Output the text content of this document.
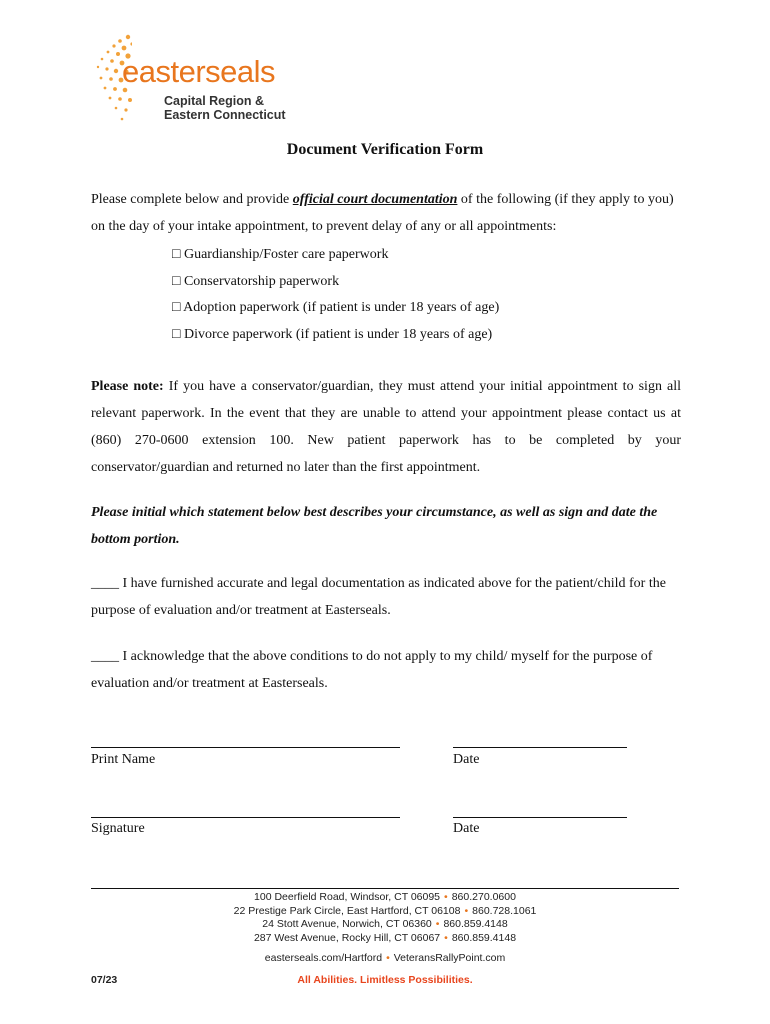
easterseals
Capital Region &
Eastern Connecticut
Document Verification Form
Please complete below and provide official court documentation of the following (if they apply to you) on the day of your intake appointment, to prevent delay of any or all appointments:
□ Guardianship/Foster care paperwork
□ Conservatorship paperwork
□ Adoption paperwork (if patient is under 18 years of age)
□ Divorce paperwork (if patient is under 18 years of age)
Please note: If you have a conservator/guardian, they must attend your initial appointment to sign all relevant paperwork. In the event that they are unable to attend your appointment please contact us at (860) 270-0600 extension 100. New patient paperwork has to be completed by your conservator/guardian and returned no later than the first appointment.
Please initial which statement below best describes your circumstance, as well as sign and date the bottom portion.
____ I have furnished accurate and legal documentation as indicated above for the patient/child for the purpose of evaluation and/or treatment at Easterseals.
____ I acknowledge that the above conditions to do not apply to my child/ myself for the purpose of evaluation and/or treatment at Easterseals.
Print Name	Date
Signature	Date
100 Deerfield Road, Windsor, CT 06095 • 860.270.0600
22 Prestige Park Circle, East Hartford, CT 06108 • 860.728.1061
24 Stott Avenue, Norwich, CT 06360 • 860.859.4148
287 West Avenue, Rocky Hill, CT 06067 • 860.859.4148
easterseals.com/Hartford • VeteransRallyPoint.com
All Abilities. Limitless Possibilities.
07/23
